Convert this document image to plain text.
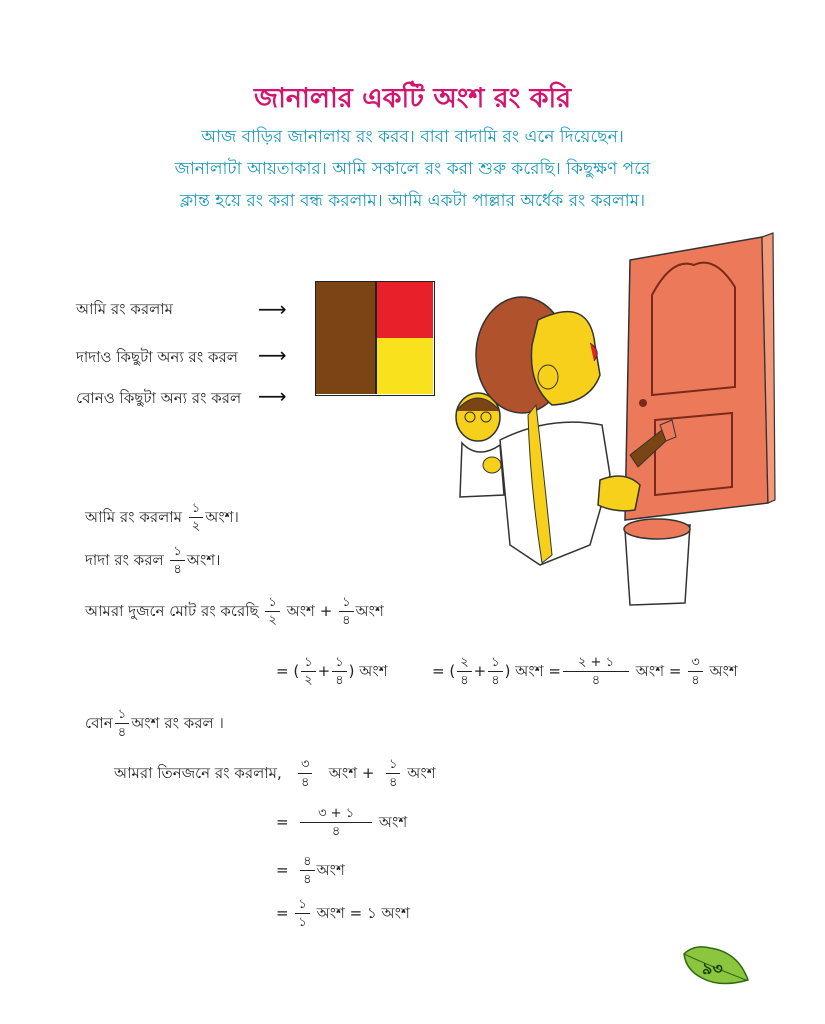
জানালার একটি অংশ রং করি
আজ বাড়ির জানালায় রং করব। বাবা বাদামি রং এনে দিয়েছেন।
জানালাটা আয়তাকার। আমি সকালে রং করা শুরু করেছি। কিছুক্ষণ পরে
ক্লান্ত হয়ে রং করা বন্ধ করলাম। আমি একটা পাল্লার অর্ধেক রং করলাম।
আমি রং করলাম
দাদাও কিছুটা অন্য রং করল
বোনও কিছুটা অন্য রং করল
⟶
⟶
⟶
আমি রং করলাম $\frac{১}{২}$ অংশ।
দাদা রং করল $\frac{১}{৪}$ অংশ।
আমরা দুজনে মোট রং করেছি $\frac{১}{২}$ অংশ + $\frac{১}{৪}$ অংশ
= ( $\frac{১}{২} + \frac{১}{৪}$ ) অংশ	= ( $\frac{২}{৪} + \frac{১}{৪}$ ) অংশ = $\frac{২ + ১}{৪}$ অংশ = $\frac{৩}{৪}$ অংশ
বোন $\frac{১}{৪}$ অংশ রং করল ।
আমরা তিনজনে রং করলাম, $\frac{৩}{৪}$ অংশ + $\frac{১}{৪}$ অংশ
= $\frac{৩ + ১}{৪}$ অংশ
= $\frac{৪}{৪}$ অংশ
= $\frac{১}{১}$ অংশ = ১ অংশ
৯৩
